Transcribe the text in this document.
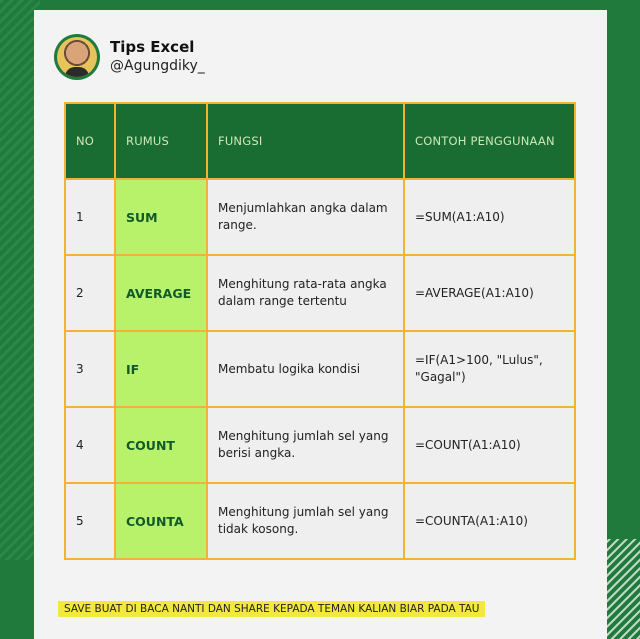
Tips Excel
@Agungdiky_
NO	RUMUS	FUNGSI	CONTOH PENGGUNAAN
1	SUM	Menjumlahkan angka dalam range.	=SUM(A1:A10)
2	AVERAGE	Menghitung rata-rata angka dalam range tertentu	=AVERAGE(A1:A10)
3	IF	Membatu logika kondisi	=IF(A1>100, "Lulus", "Gagal")
4	COUNT	Menghitung jumlah sel yang berisi angka.	=COUNT(A1:A10)
5	COUNTA	Menghitung jumlah sel yang tidak kosong.	=COUNTA(A1:A10)
SAVE BUAT DI BACA NANTI DAN SHARE KEPADA TEMAN KALIAN BIAR PADA TAU
